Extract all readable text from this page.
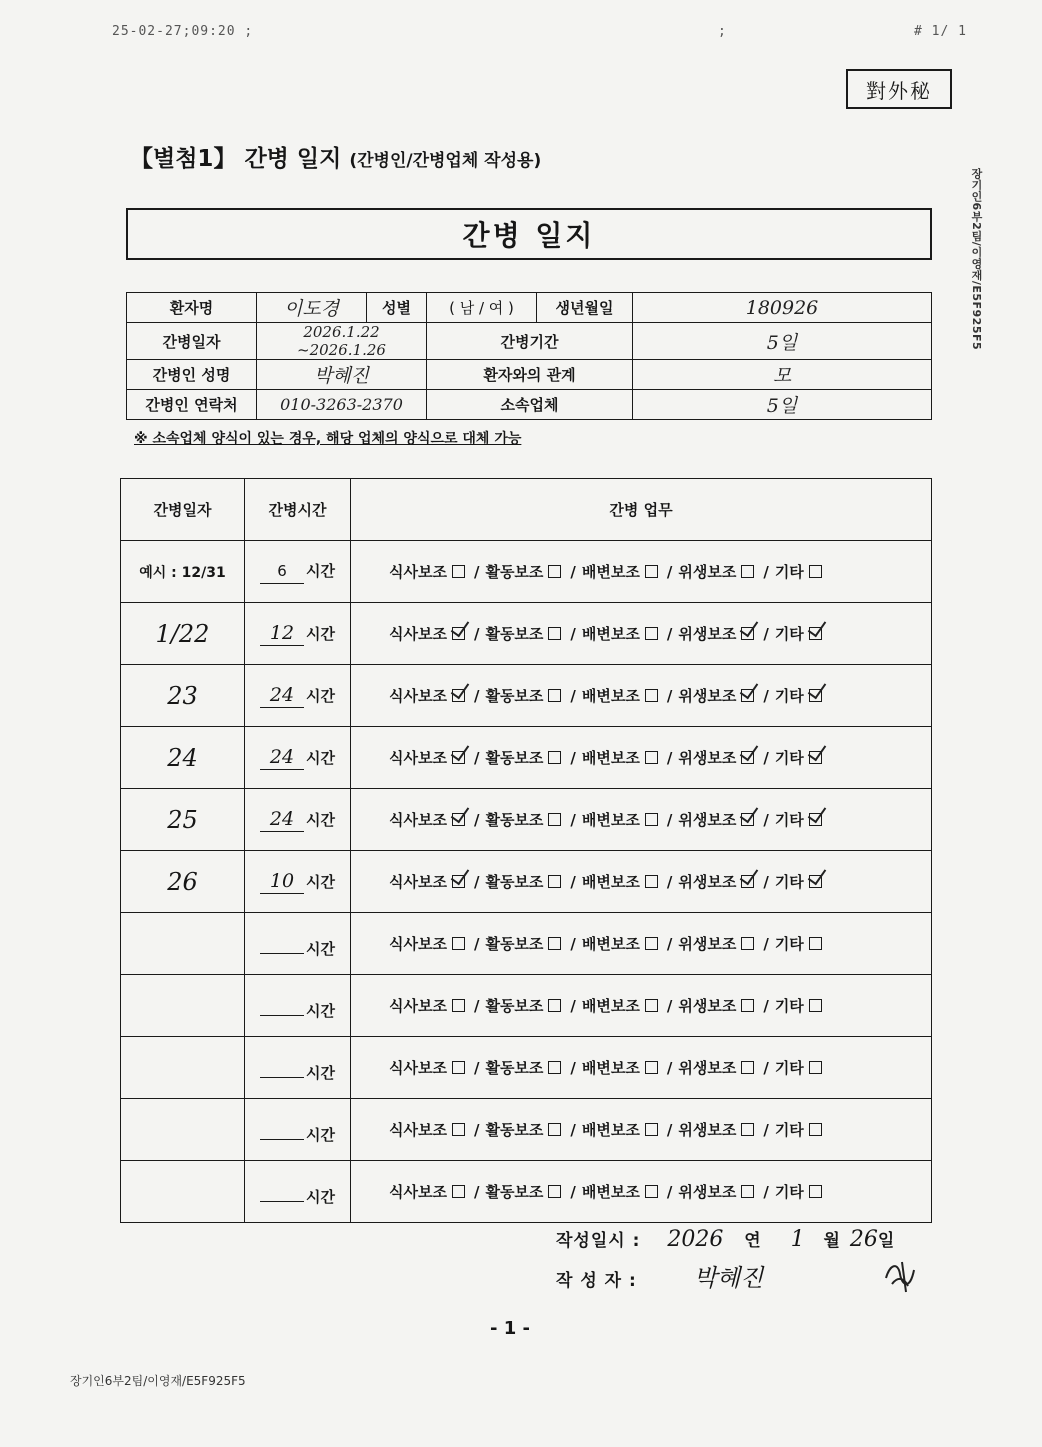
25-02-27;09:20 ;	;	# 1/ 1
對外秘
장기인6부2팀/이영재/E5F925F5
【별첨1】 간병 일지 (간병인/간병업체 작성용)
간병 일지
환자명	이도경	성별	( 남 / 여 )	생년월일	180926
간병일자	2026.1.22 ~2026.1.26		간병기간		5일
간병인 성명	박혜진		환자와의 관계		모
간병인 연락처	010-3263-2370		소속업체		5일
※ 소속업체 양식이 있는 경우, 해당 업체의 양식으로 대체 가능
간병일자	간병시간	간병 업무
예시 : 12/31	6 시간	식사보조 / 활동보조 / 배변보조 / 위생보조 / 기타
1/22	12 시간	식사보조 / 활동보조 / 배변보조 / 위생보조 / 기타
23	24 시간	식사보조 / 활동보조 / 배변보조 / 위생보조 / 기타
24	24 시간	식사보조 / 활동보조 / 배변보조 / 위생보조 / 기타
25	24 시간	식사보조 / 활동보조 / 배변보조 / 위생보조 / 기타
26	10 시간	식사보조 / 활동보조 / 배변보조 / 위생보조 / 기타
	시간	식사보조 / 활동보조 / 배변보조 / 위생보조 / 기타
	시간	식사보조 / 활동보조 / 배변보조 / 위생보조 / 기타
	시간	식사보조 / 활동보조 / 배변보조 / 위생보조 / 기타
	시간	식사보조 / 활동보조 / 배변보조 / 위생보조 / 기타
	시간	식사보조 / 활동보조 / 배변보조 / 위생보조 / 기타
작성일시 : 2026 연 1 월 26일
작 성 자 : 박혜진
- 1 -
장기인6부2팀/이영재/E5F925F5
